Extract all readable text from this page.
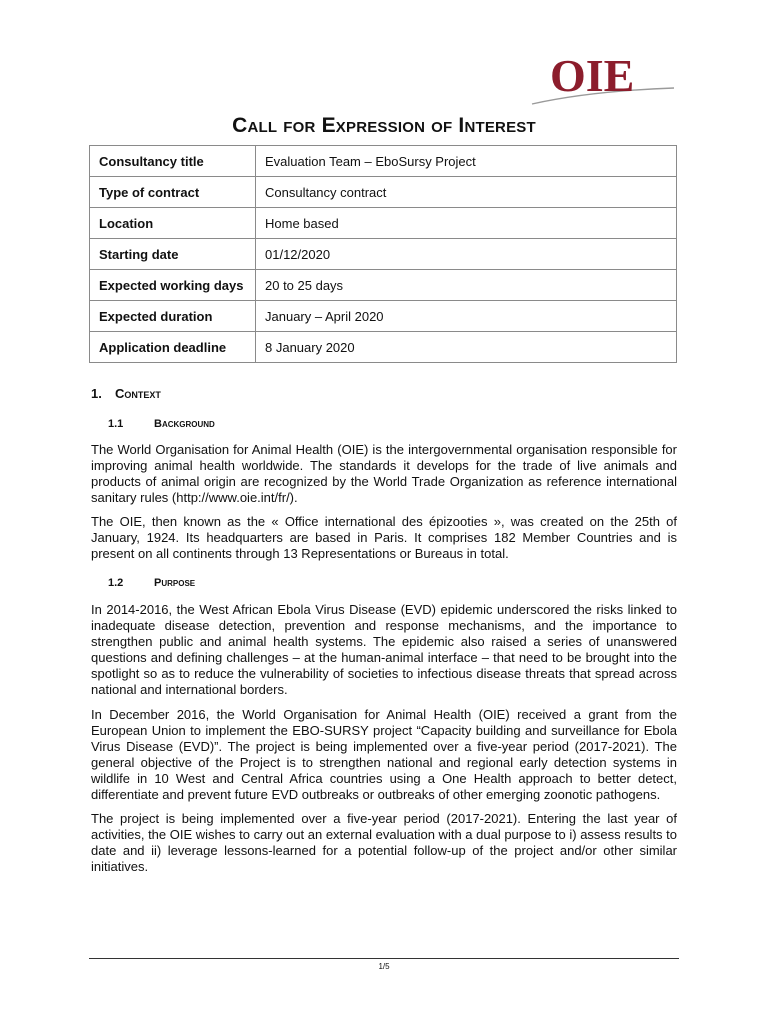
OIE
Call for Expression of Interest
Consultancy title	Evaluation Team – EboSursy Project
Type of contract	Consultancy contract
Location	Home based
Starting date	01/12/2020
Expected working days	20 to 25 days
Expected duration	January – April 2020
Application deadline	8 January 2020
1. Context
1.1	Background

The World Organisation for Animal Health (OIE) is the intergovernmental organisation responsible for improving animal health worldwide. The standards it develops for the trade of live animals and products of animal origin are recognized by the World Trade Organization as reference international sanitary rules (http://www.oie.int/fr/).

The OIE, then known as the « Office international des épizooties », was created on the 25th of January, 1924. Its headquarters are based in Paris. It comprises 182 Member Countries and is present on all continents through 13 Representations or Bureaus in total.

1.2	Purpose

In 2014-2016, the West African Ebola Virus Disease (EVD) epidemic underscored the risks linked to inadequate disease detection, prevention and response mechanisms, and the importance to strengthen public and animal health systems. The epidemic also raised a series of unanswered questions and defining challenges – at the human-animal interface – that need to be brought into the spotlight so as to reduce the vulnerability of societies to infectious disease threats that spread across national and international borders.

In December 2016, the World Organisation for Animal Health (OIE) received a grant from the European Union to implement the EBO-SURSY project “Capacity building and surveillance for Ebola Virus Disease (EVD)”. The project is being implemented over a five-year period (2017-2021). The general objective of the Project is to strengthen national and regional early detection systems in wildlife in 10 West and Central Africa countries using a One Health approach to better detect, differentiate and prevent future EVD outbreaks or outbreaks of other emerging zoonotic pathogens.

The project is being implemented over a five-year period (2017-2021). Entering the last year of activities, the OIE wishes to carry out an external evaluation with a dual purpose to i) assess results to date and ii) leverage lessons-learned for a potential follow-up of the project and/or other similar initiatives.

1/5
